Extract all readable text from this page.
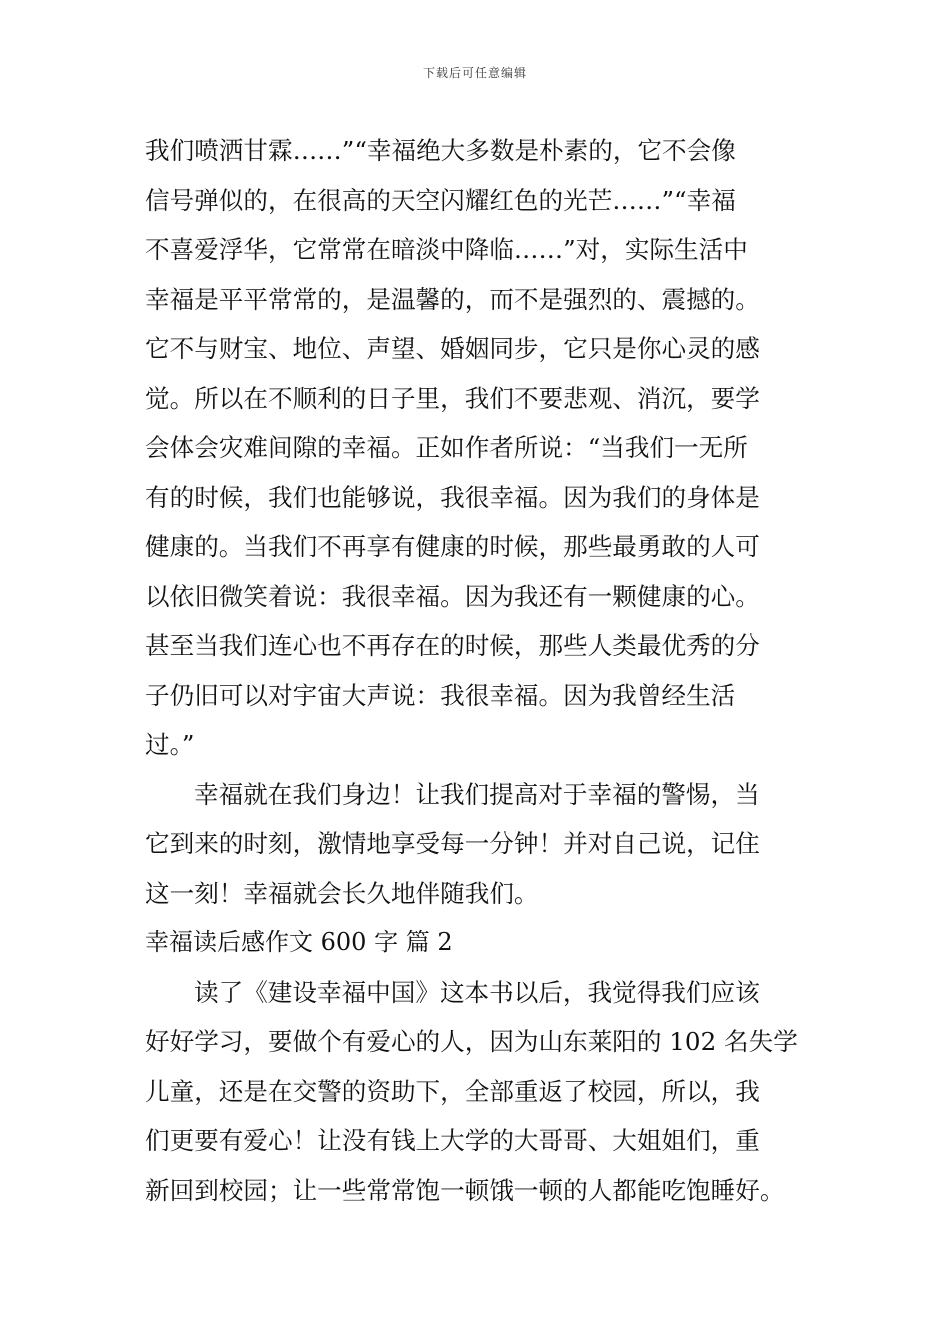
下载后可任意编辑
我们喷洒甘霖……”“幸福绝大多数是朴素的，它不会像
信号弹似的，在很高的天空闪耀红色的光芒……”“幸福
不喜爱浮华，它常常在暗淡中降临……”对，实际生活中
幸福是平平常常的，是温馨的，而不是强烈的、震撼的。
它不与财宝、地位、声望、婚姻同步，它只是你心灵的感
觉。所以在不顺利的日子里，我们不要悲观、消沉，要学
会体会灾难间隙的幸福。正如作者所说：“当我们一无所
有的时候，我们也能够说，我很幸福。因为我们的身体是
健康的。当我们不再享有健康的时候，那些最勇敢的人可
以依旧微笑着说：我很幸福。因为我还有一颗健康的心。
甚至当我们连心也不再存在的时候，那些人类最优秀的分
子仍旧可以对宇宙大声说：我很幸福。因为我曾经生活
过。”
幸福就在我们身边！让我们提高对于幸福的警惕，当
它到来的时刻，激情地享受每一分钟！并对自己说，记住
这一刻！幸福就会长久地伴随我们。
幸福读后感作文 600 字 篇 2
读了《建设幸福中国》这本书以后，我觉得我们应该
好好学习，要做个有爱心的人，因为山东莱阳的 102 名失学
儿童，还是在交警的资助下，全部重返了校园，所以，我
们更要有爱心！让没有钱上大学的大哥哥、大姐姐们，重
新回到校园；让一些常常饱一顿饿一顿的人都能吃饱睡好。
